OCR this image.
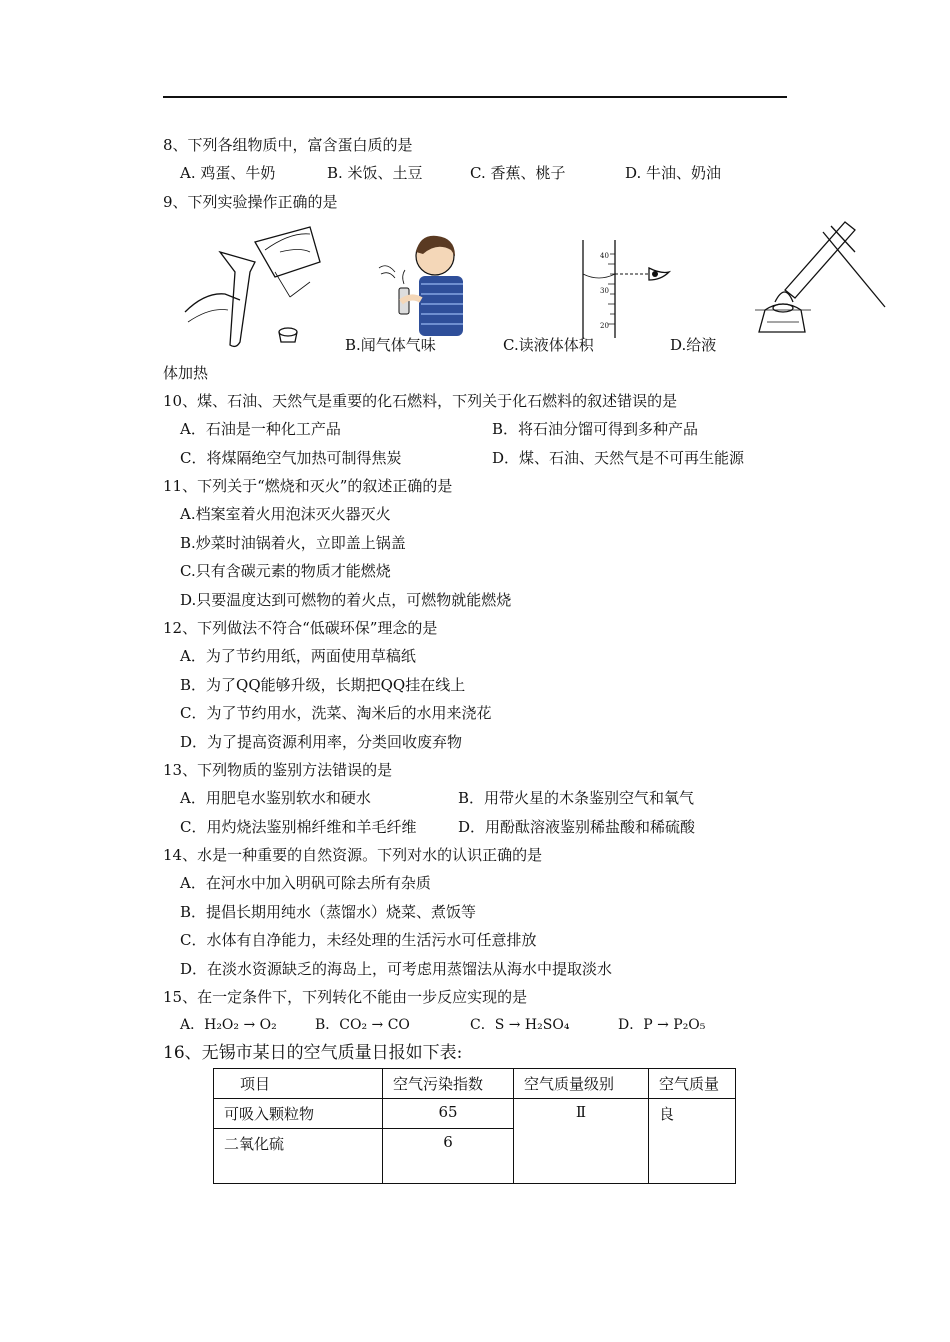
8、下列各组物质中，富含蛋白质的是
A. 鸡蛋、牛奶	B. 米饭、土豆	C. 香蕉、桃子	D. 牛油、奶油
9、下列实验操作正确的是
B.闻气体气味
40
30
20
C.读液体体积	D.给液
体加热
10、煤、石油、天然气是重要的化石燃料，下列关于化石燃料的叙述错误的是
A．石油是一种化工产品	B．将石油分馏可得到多种产品
C．将煤隔绝空气加热可制得焦炭	D．煤、石油、天然气是不可再生能源
11、下列关于“燃烧和灭火”的叙述正确的是
A.档案室着火用泡沫灭火器灭火
B.炒菜时油锅着火，立即盖上锅盖
C.只有含碳元素的物质才能燃烧
D.只要温度达到可燃物的着火点，可燃物就能燃烧
12、下列做法不符合“低碳环保”理念的是
A．为了节约用纸，两面使用草稿纸
B．为了QQ能够升级，长期把QQ挂在线上
C．为了节约用水，洗菜、淘米后的水用来浇花
D．为了提高资源利用率，分类回收废弃物
13、下列物质的鉴别方法错误的是
A．用肥皂水鉴别软水和硬水	B．用带火星的木条鉴别空气和氧气
C．用灼烧法鉴别棉纤维和羊毛纤维	D．用酚酞溶液鉴别稀盐酸和稀硫酸
14、水是一种重要的自然资源。下列对水的认识正确的是
A．在河水中加入明矾可除去所有杂质
B．提倡长期用纯水（蒸馏水）烧菜、煮饭等
C．水体有自净能力，未经处理的生活污水可任意排放
D．在淡水资源缺乏的海岛上，可考虑用蒸馏法从海水中提取淡水
15、在一定条件下，下列转化不能由一步反应实现的是
A．H₂O₂ → O₂	B．CO₂ → CO	C．S → H₂SO₄	D．P → P₂O₅
16、无锡市某日的空气质量日报如下表:
项目	空气污染指数	空气质量级别	空气质量
可吸入颗粒物	65	Ⅱ	良
二氧化硫	6		
